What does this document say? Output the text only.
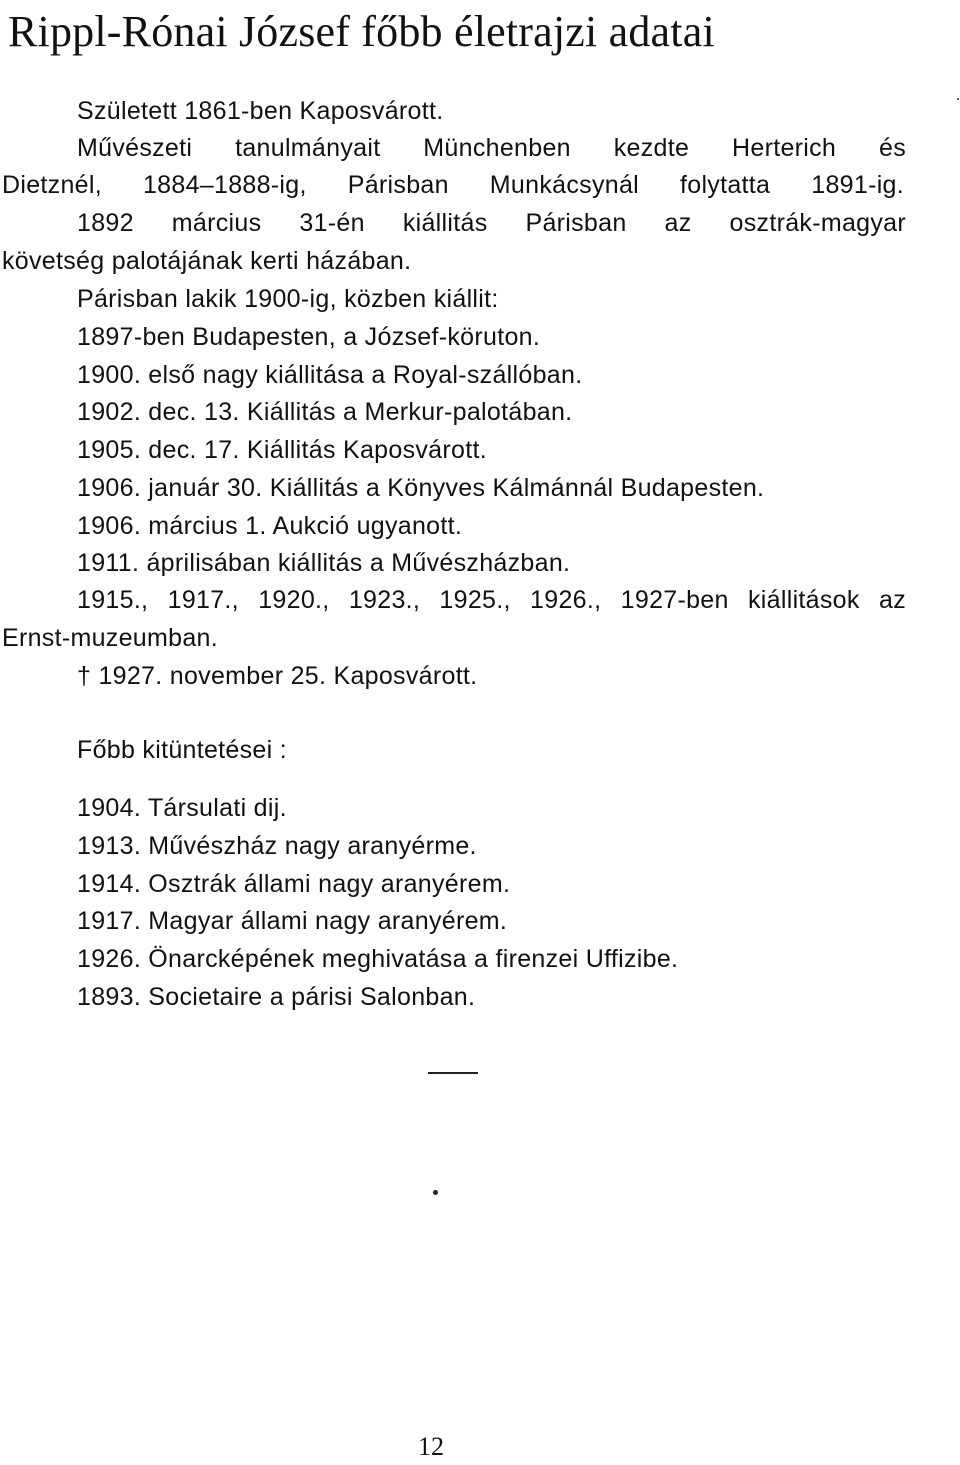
Rippl-Rónai József főbb életrajzi adatai
Született 1861-ben Kaposvárott.
Művészeti tanulmányait Münchenben kezdte Herterich és
Dietznél, 1884–1888-ig, Párisban Munkácsynál folytatta 1891-ig.
1892 március 31-én kiállitás Párisban az osztrák-magyar
követség palotájának kerti házában.
Párisban lakik 1900-ig, közben kiállit:
1897-ben Budapesten, a József-köruton.
1900. első nagy kiállitása a Royal-szállóban.
1902. dec. 13. Kiállitás a Merkur-palotában.
1905. dec. 17. Kiállitás Kaposvárott.
1906. január 30. Kiállitás a Könyves Kálmánnál Budapesten.
1906. március 1. Aukció ugyanott.
1911. áprilisában kiállitás a Művészházban.
1915., 1917., 1920., 1923., 1925., 1926., 1927-ben kiállitások az
Ernst-muzeumban.
† 1927. november 25. Kaposvárott.
Főbb kitüntetései :
1904. Társulati dij.
1913. Művészház nagy aranyérme.
1914. Osztrák állami nagy aranyérem.
1917. Magyar állami nagy aranyérem.
1926. Önarcképének meghivatása a firenzei Uffizibe.
1893. Societaire a párisi Salonban.
12
